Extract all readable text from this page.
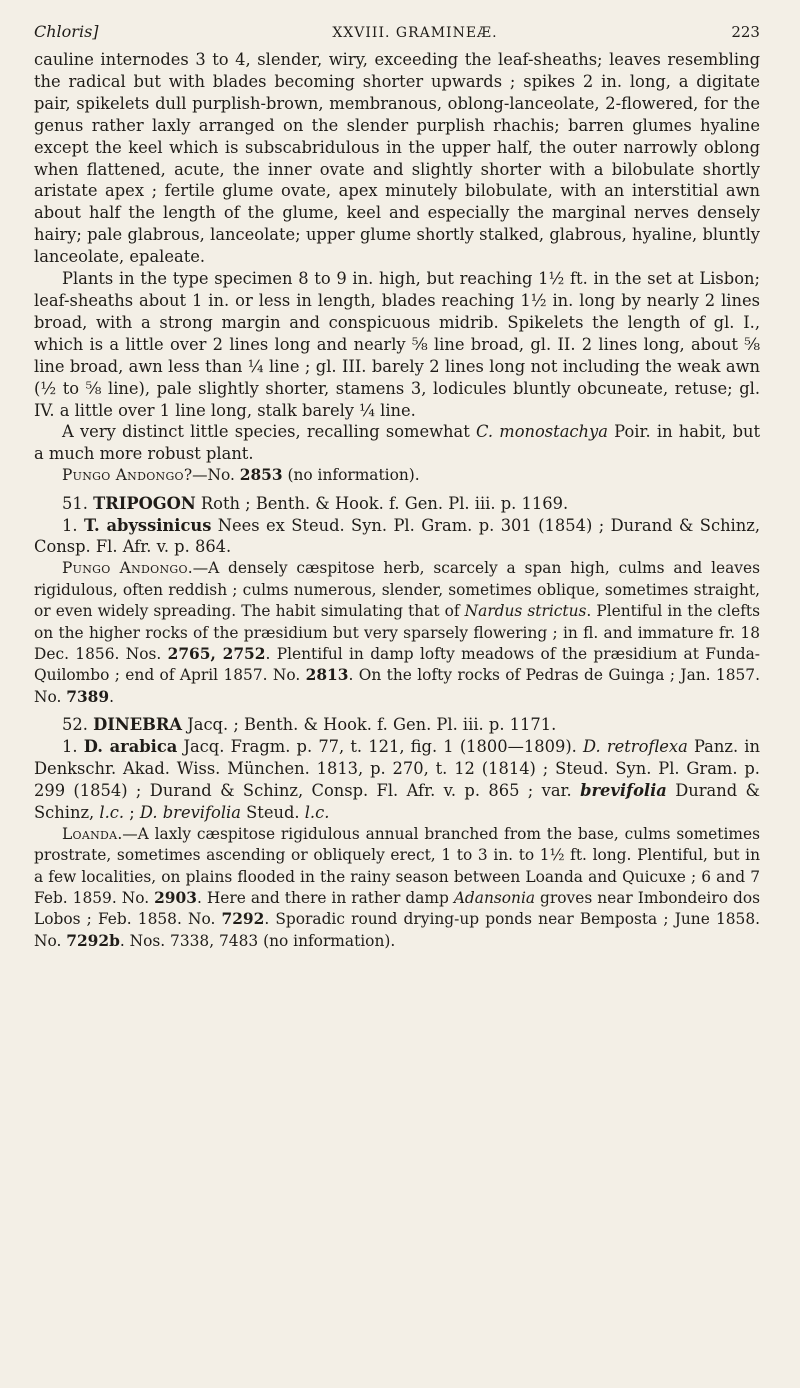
Chloris]	XXVIII. GRAMINEÆ.	223

cauline internodes 3 to 4, slender, wiry, exceeding the leaf-sheaths; leaves resembling the radical but with blades becoming shorter upwards ; spikes 2 in. long, a digitate pair, spikelets dull purplish-brown, membranous, oblong-lanceolate, 2-flowered, for the genus rather laxly arranged on the slender purplish rhachis; barren glumes hyaline except the keel which is subscabridulous in the upper half, the outer narrowly oblong when flattened, acute, the inner ovate and slightly shorter with a bilobulate shortly aristate apex ; fertile glume ovate, apex minutely bilobulate, with an interstitial awn about half the length of the glume, keel and especially the marginal nerves densely hairy; pale glabrous, lanceolate; upper glume shortly stalked, glabrous, hyaline, bluntly lanceolate, epaleate.

Plants in the type specimen 8 to 9 in. high, but reaching 1½ ft. in the set at Lisbon; leaf-sheaths about 1 in. or less in length, blades reaching 1½ in. long by nearly 2 lines broad, with a strong margin and conspicuous midrib. Spikelets the length of gl. I., which is a little over 2 lines long and nearly ⅝ line broad, gl. II. 2 lines long, about ⅝ line broad, awn less than ¼ line ; gl. III. barely 2 lines long not including the weak awn (½ to ⅝ line), pale slightly shorter, stamens 3, lodicules bluntly obcuneate, retuse; gl. IV. a little over 1 line long, stalk barely ¼ line.

A very distinct little species, recalling somewhat C. monostachya Poir. in habit, but a much more robust plant.

Pungo Andongo?—No. 2853 (no information).

51. TRIPOGON Roth ; Benth. & Hook. f. Gen. Pl. iii. p. 1169.

1. T. abyssinicus Nees ex Steud. Syn. Pl. Gram. p. 301 (1854) ; Durand & Schinz, Consp. Fl. Afr. v. p. 864.

Pungo Andongo.—A densely cæspitose herb, scarcely a span high, culms and leaves rigidulous, often reddish ; culms numerous, slender, sometimes oblique, sometimes straight, or even widely spreading. The habit simulating that of Nardus strictus. Plentiful in the clefts on the higher rocks of the præsidium but very sparsely flowering ; in fl. and immature fr. 18 Dec. 1856. Nos. 2765, 2752. Plentiful in damp lofty meadows of the præsidium at Funda-Quilombo ; end of April 1857. No. 2813. On the lofty rocks of Pedras de Guinga ; Jan. 1857. No. 7389.

52. DINEBRA Jacq. ; Benth. & Hook. f. Gen. Pl. iii. p. 1171.

1. D. arabica Jacq. Fragm. p. 77, t. 121, fig. 1 (1800—1809). D. retroflexa Panz. in Denkschr. Akad. Wiss. München. 1813, p. 270, t. 12 (1814) ; Steud. Syn. Pl. Gram. p. 299 (1854) ; Durand & Schinz, Consp. Fl. Afr. v. p. 865 ; var. brevifolia Durand & Schinz, l.c. ; D. brevifolia Steud. l.c.

Loanda.—A laxly cæspitose rigidulous annual branched from the base, culms sometimes prostrate, sometimes ascending or obliquely erect, 1 to 3 in. to 1½ ft. long. Plentiful, but in a few localities, on plains flooded in the rainy season between Loanda and Quicuxe ; 6 and 7 Feb. 1859. No. 2903. Here and there in rather damp Adansonia groves near Imbondeiro dos Lobos ; Feb. 1858. No. 7292. Sporadic round drying-up ponds near Bemposta ; June 1858. No. 7292b. Nos. 7338, 7483 (no information).
